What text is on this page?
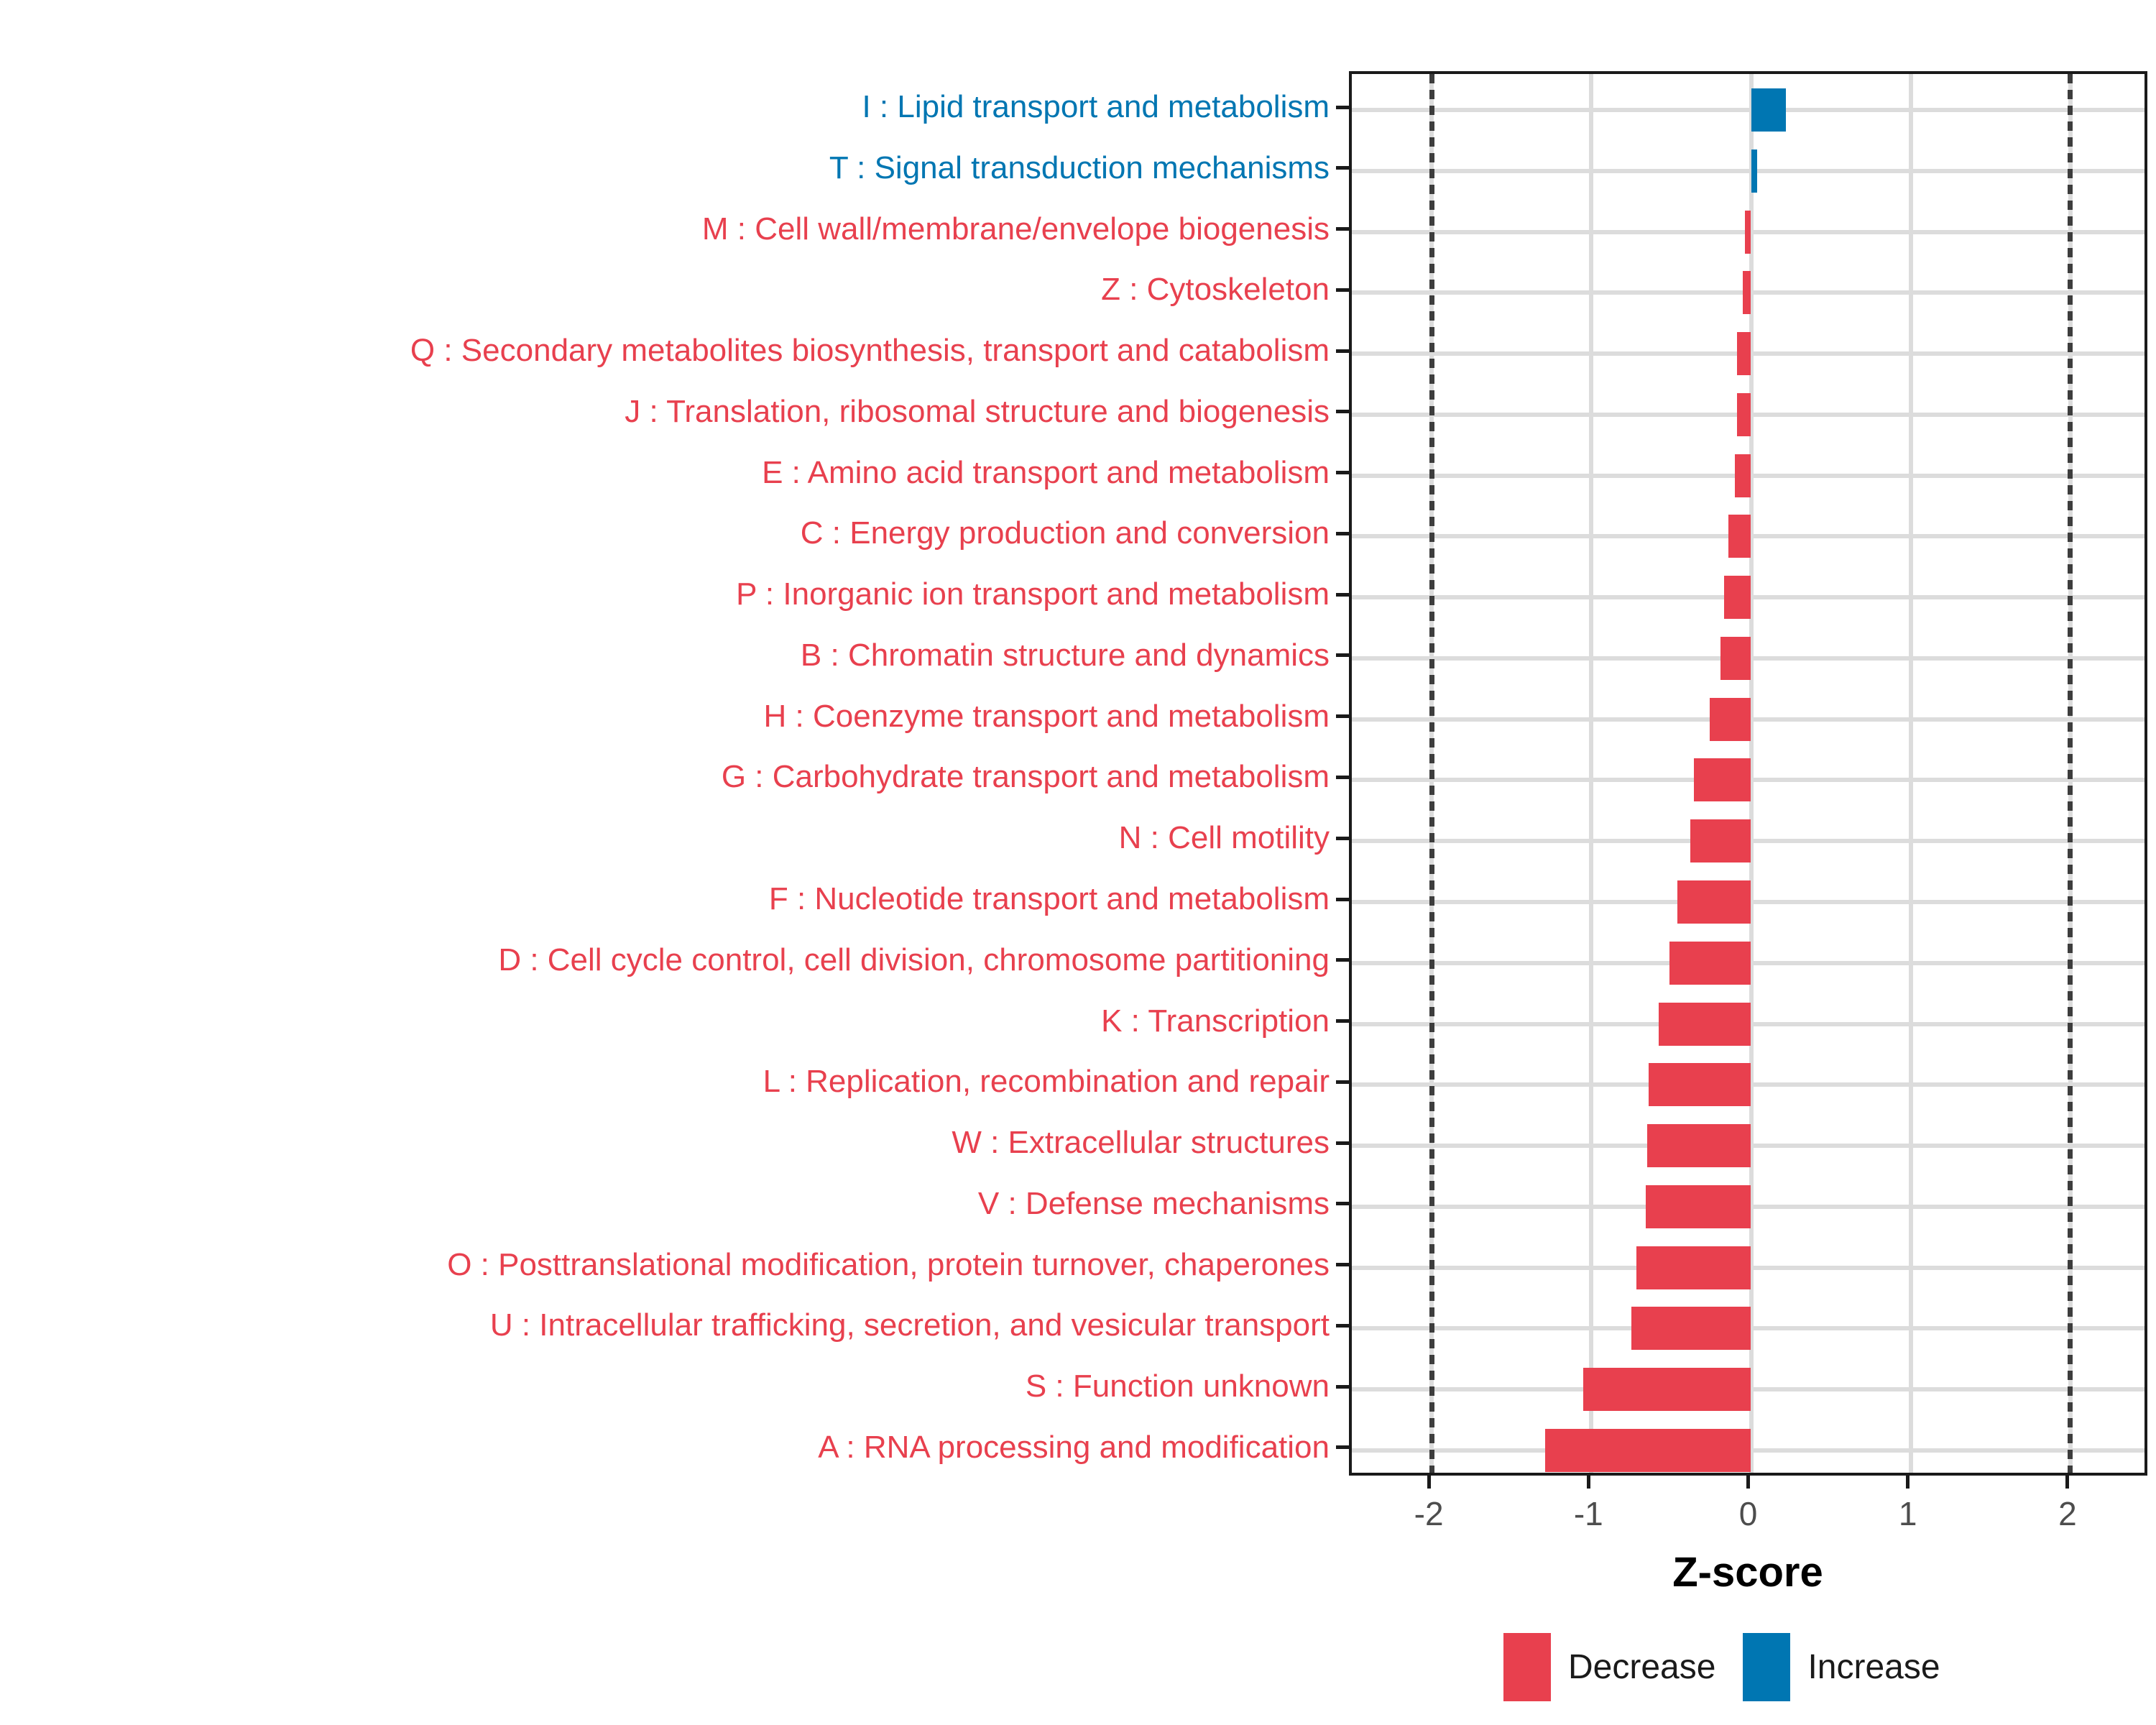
Z-score
Decrease	Increase
I : Lipid transport and metabolism
T : Signal transduction mechanisms
M : Cell wall/membrane/envelope biogenesis
Z : Cytoskeleton
Q : Secondary metabolites biosynthesis, transport and catabolism
J : Translation, ribosomal structure and biogenesis
E : Amino acid transport and metabolism
C : Energy production and conversion
P : Inorganic ion transport and metabolism
B : Chromatin structure and dynamics
H : Coenzyme transport and metabolism
G : Carbohydrate transport and metabolism
N : Cell motility
F : Nucleotide transport and metabolism
D : Cell cycle control, cell division, chromosome partitioning
K : Transcription
L : Replication, recombination and repair
W : Extracellular structures
V : Defense mechanisms
O : Posttranslational modification, protein turnover, chaperones
U : Intracellular trafficking, secretion, and vesicular transport
S : Function unknown
A : RNA processing and modification
-2	-1	0	1	2
